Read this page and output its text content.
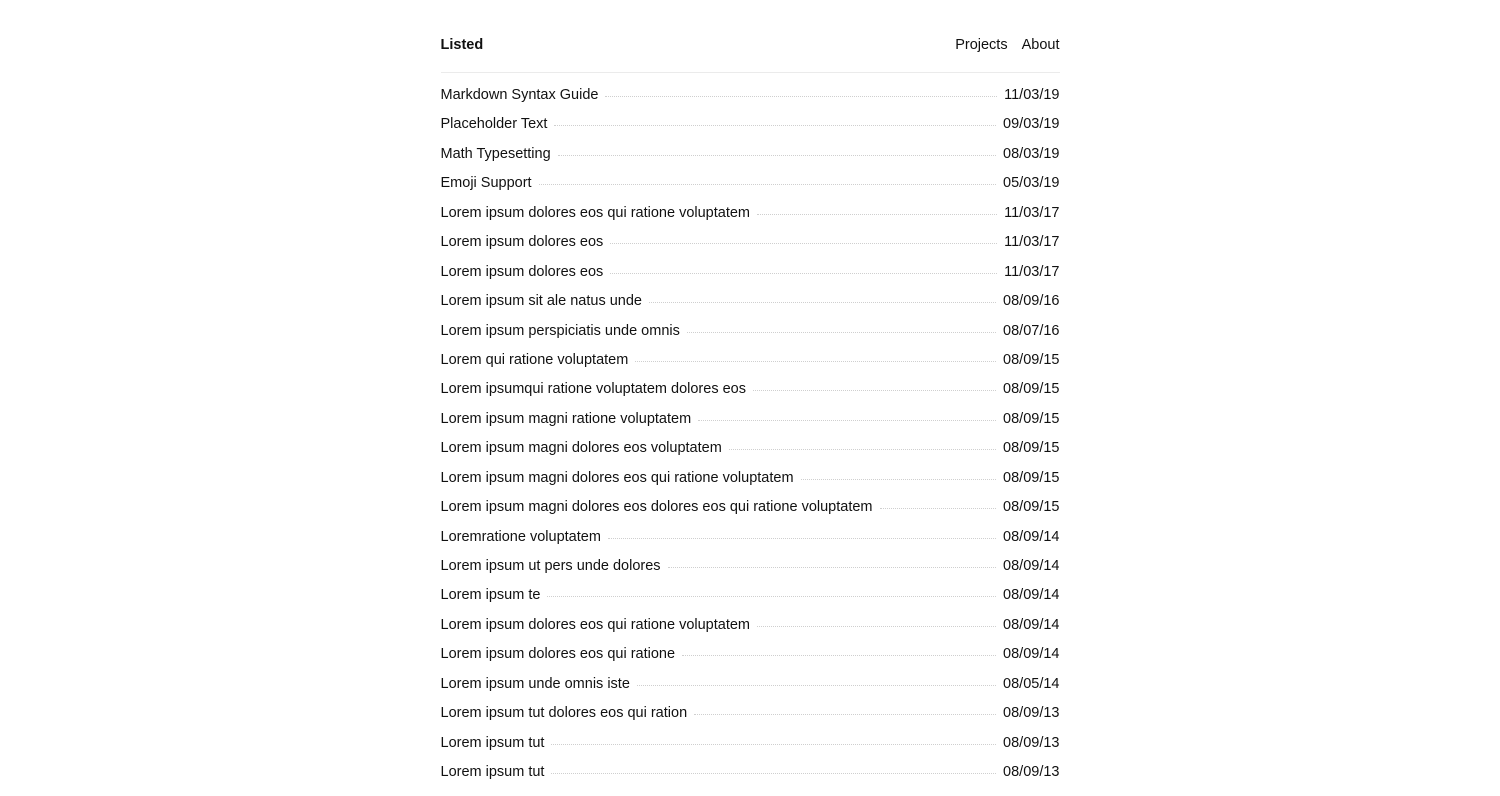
Listed	Projects About
Markdown Syntax Guide	11/03/19
Placeholder Text	09/03/19
Math Typesetting	08/03/19
Emoji Support	05/03/19
Lorem ipsum dolores eos qui ratione voluptatem	11/03/17
Lorem ipsum dolores eos	11/03/17
Lorem ipsum dolores eos	11/03/17
Lorem ipsum sit ale natus unde	08/09/16
Lorem ipsum perspiciatis unde omnis	08/07/16
Lorem qui ratione voluptatem	08/09/15
Lorem ipsumqui ratione voluptatem dolores eos	08/09/15
Lorem ipsum magni ratione voluptatem	08/09/15
Lorem ipsum magni dolores eos voluptatem	08/09/15
Lorem ipsum magni dolores eos qui ratione voluptatem	08/09/15
Lorem ipsum magni dolores eos dolores eos qui ratione voluptatem	08/09/15
Loremratione voluptatem	08/09/14
Lorem ipsum ut pers unde dolores	08/09/14
Lorem ipsum te	08/09/14
Lorem ipsum dolores eos qui ratione voluptatem	08/09/14
Lorem ipsum dolores eos qui ratione	08/09/14
Lorem ipsum unde omnis iste	08/05/14
Lorem ipsum tut dolores eos qui ration	08/09/13
Lorem ipsum tut	08/09/13
Lorem ipsum tut	08/09/13
